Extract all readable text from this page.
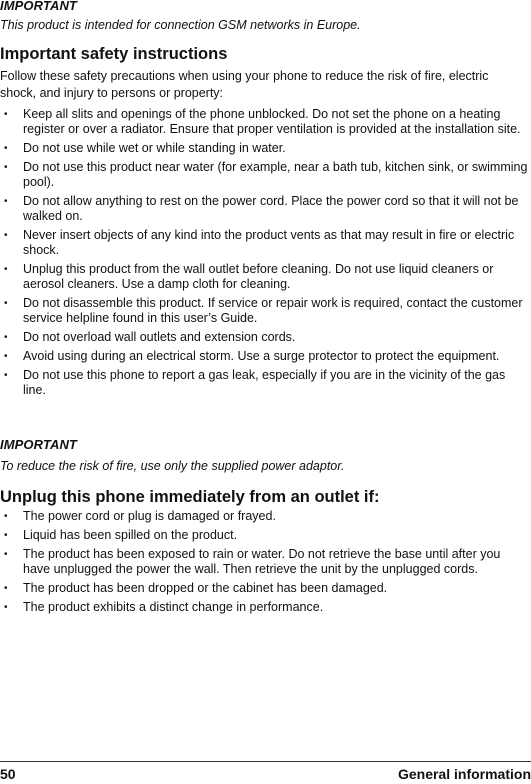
IMPORTANT
This product is intended for connection GSM networks in Europe.
Important safety instructions
Follow these safety precautions when using your phone to reduce the risk of fire, electric shock, and injury to persons or property:
• Keep all slits and openings of the phone unblocked. Do not set the phone on a heating register or over a radiator. Ensure that proper ventilation is provided at the installation site.
• Do not use while wet or while standing in water.
• Do not use this product near water (for example, near a bath tub, kitchen sink, or swimming pool).
• Do not allow anything to rest on the power cord. Place the power cord so that it will not be walked on.
• Never insert objects of any kind into the product vents as that may result in fire or electric shock.
• Unplug this product from the wall outlet before cleaning. Do not use liquid cleaners or aerosol cleaners. Use a damp cloth for cleaning.
• Do not disassemble this product. If service or repair work is required, contact the customer service helpline found in this user’s Guide.
• Do not overload wall outlets and extension cords.
• Avoid using during an electrical storm. Use a surge protector to protect the equipment.
• Do not use this phone to report a gas leak, especially if you are in the vicinity of the gas line.
IMPORTANT
To reduce the risk of fire, use only the supplied power adaptor.
Unplug this phone immediately from an outlet if:
• The power cord or plug is damaged or frayed.
• Liquid has been spilled on the product.
• The product has been exposed to rain or water. Do not retrieve the base until after you have unplugged the power the wall. Then retrieve the unit by the unplugged cords.
• The product has been dropped or the cabinet has been damaged.
• The product exhibits a distinct change in performance.
50	General information
